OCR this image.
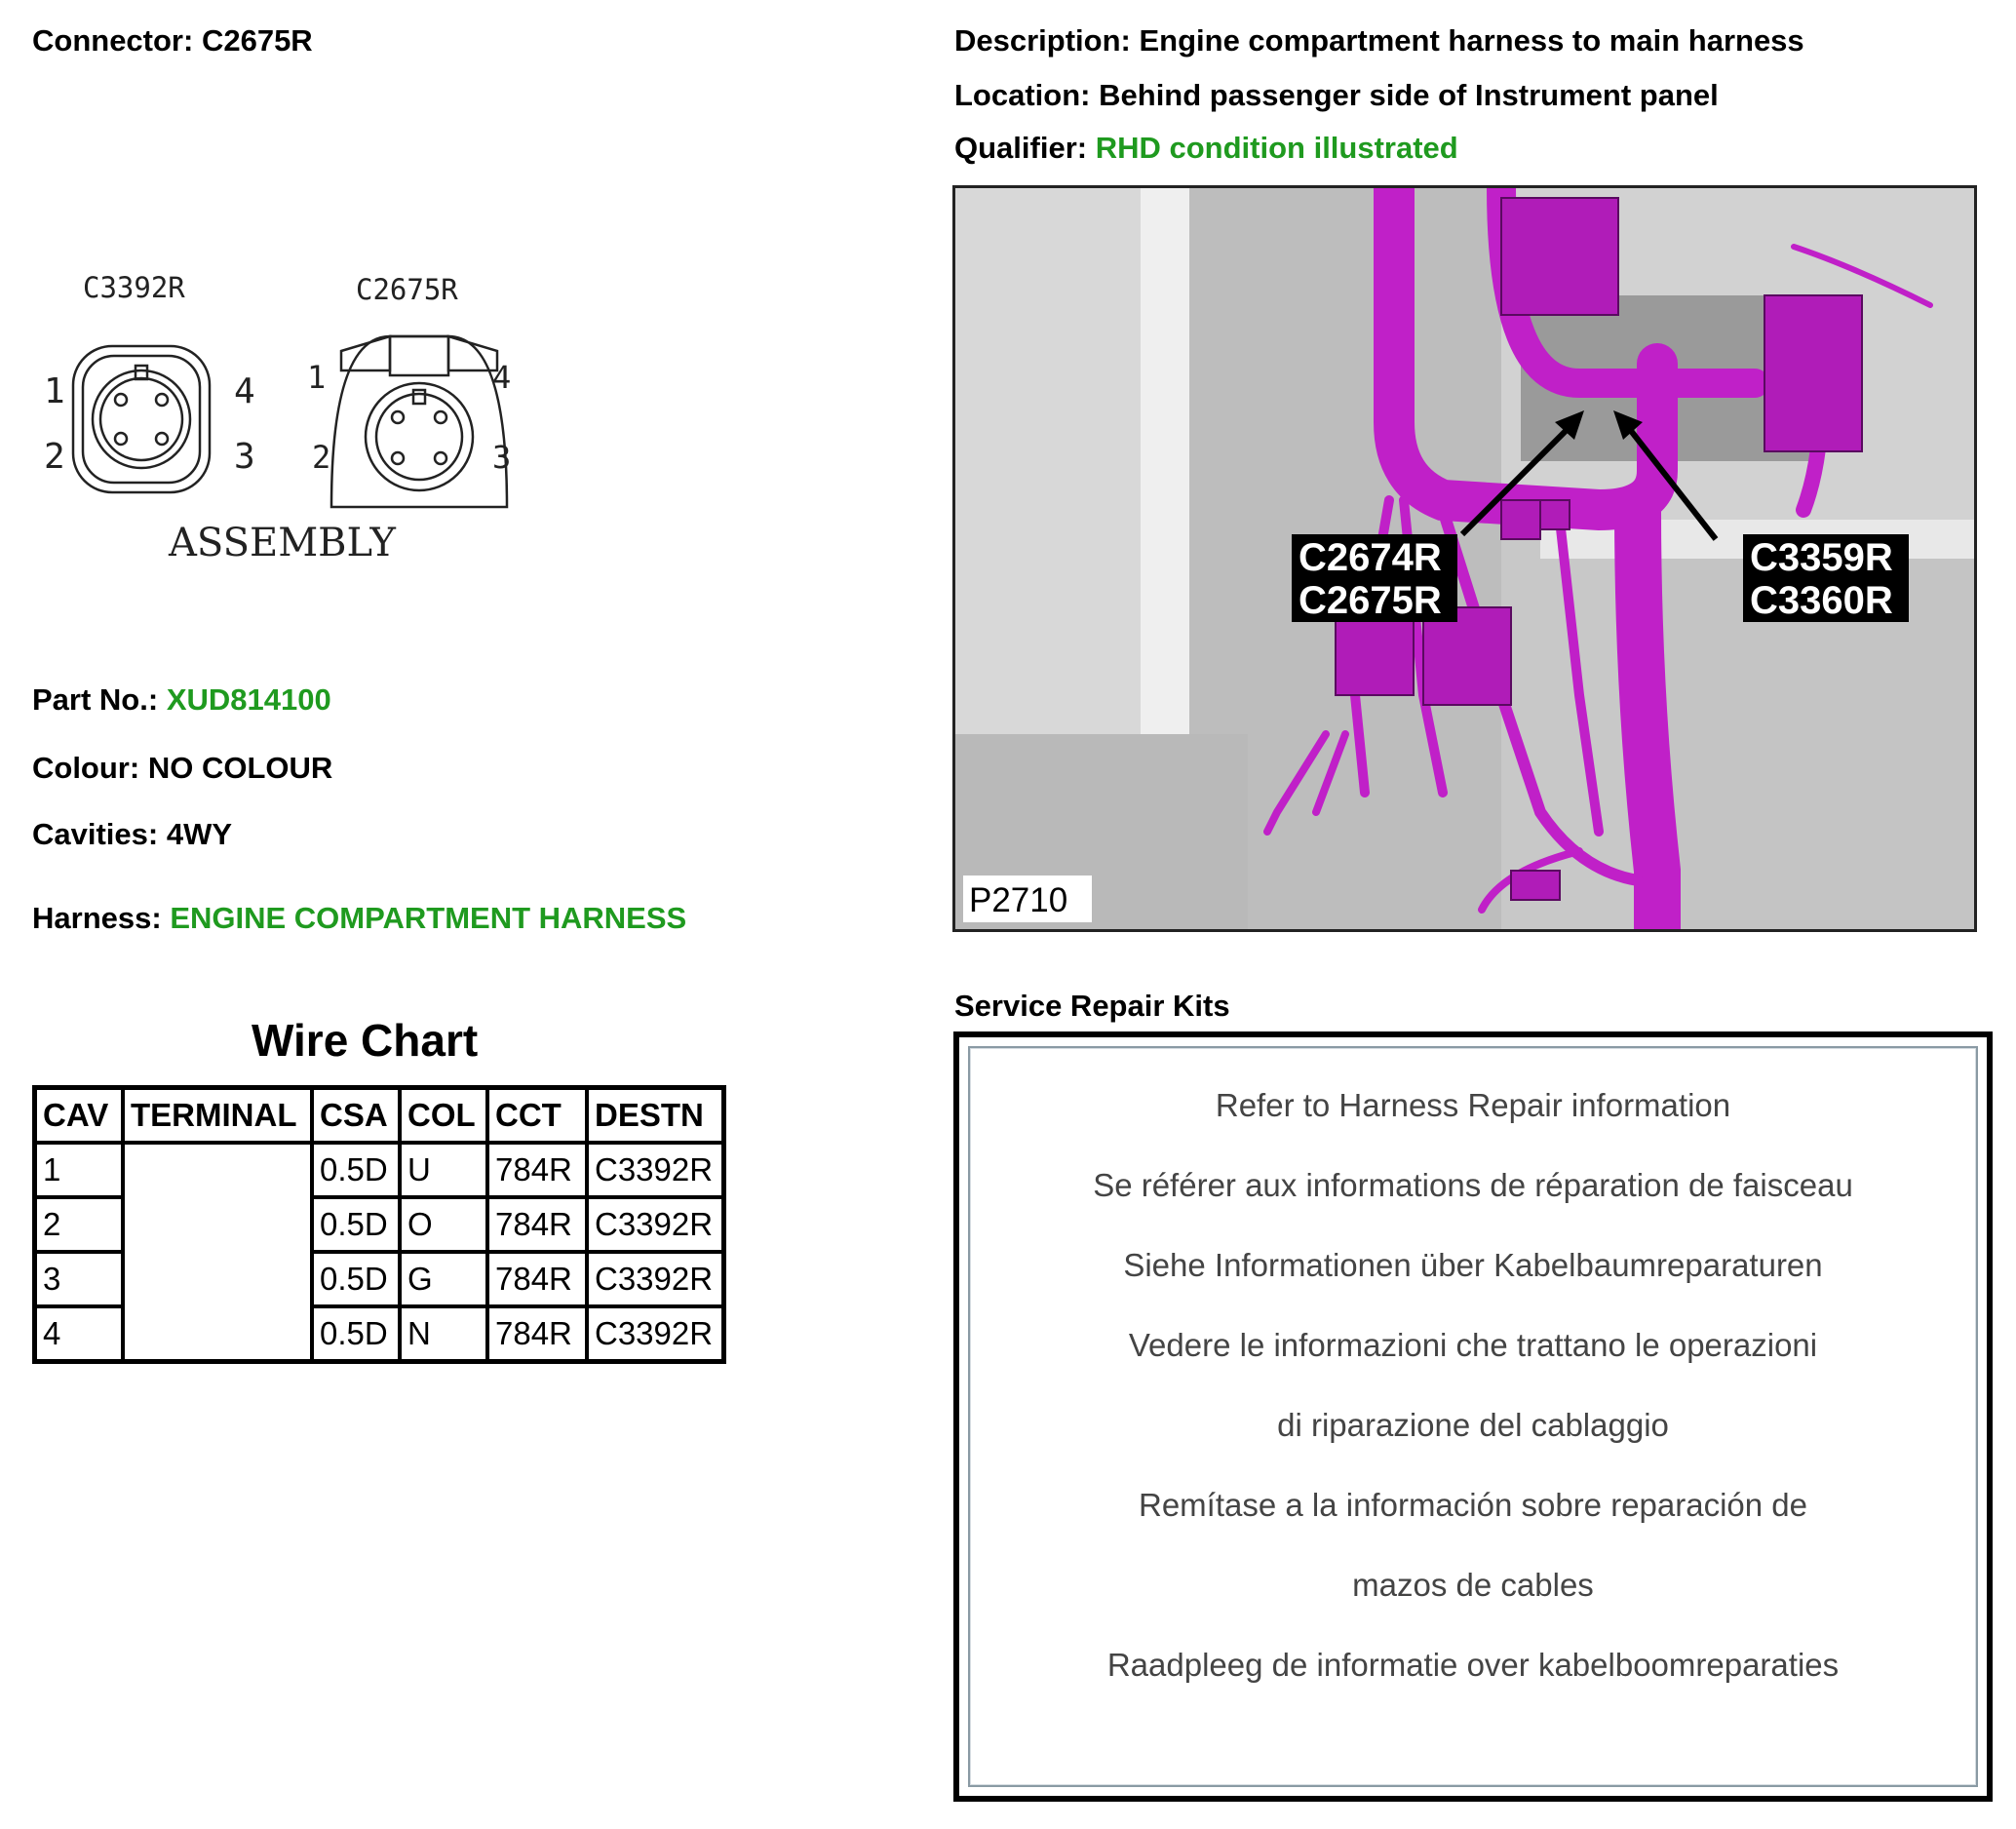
Connector: C2675R	Description: Engine compartment harness to main harness
Location: Behind passenger side of Instrument panel
Qualifier: RHD condition illustrated
C3392R	C2675R
1
2	3
4 1
2	3
4
ASSEMBLY
Part No.: XUD814100
Colour: NO COLOUR
Cavities: 4WY
Harness: ENGINE COMPARTMENT HARNESS
Wire Chart
CAV	TERMINAL	CSA	COL	CCT	DESTN
1		0.5D	U	784R	C3392R
2		0.5D	O	784R	C3392R
3		0.5D	G	784R	C3392R
4		0.5D	N	784R	C3392R
C2674R
C2675R
C3359R
C3360R
P2710
Service Repair Kits
Refer to Harness Repair information
Se référer aux informations de réparation de faisceau
Siehe Informationen über Kabelbaumreparaturen
Vedere le informazioni che trattano le operazioni
di riparazione del cablaggio
Remítase a la información sobre reparación de
mazos de cables
Raadpleeg de informatie over kabelboomreparaties
